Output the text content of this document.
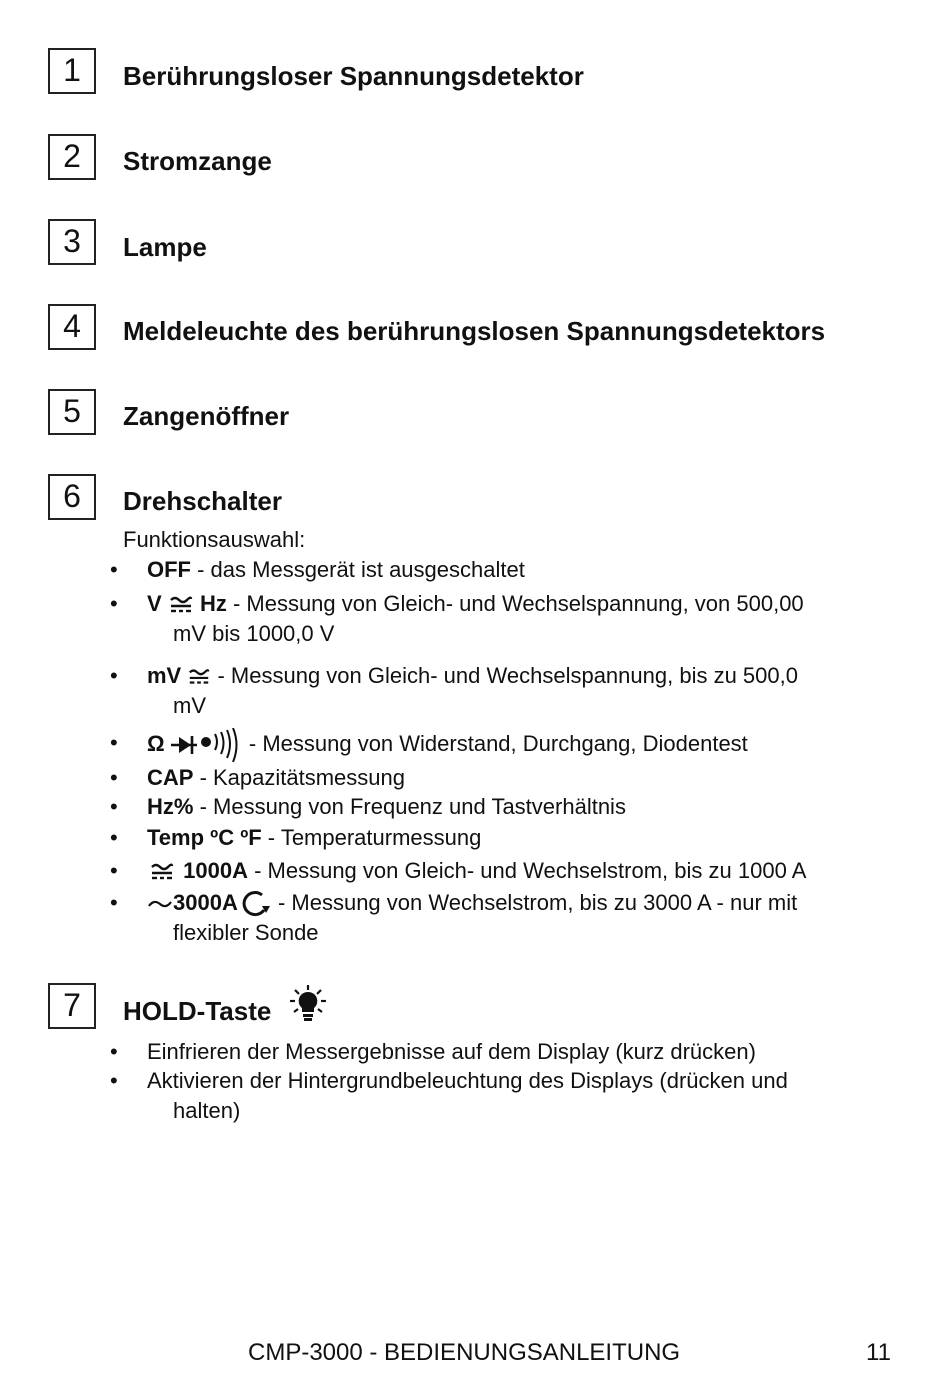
1	Berührungsloser Spannungsdetektor
2	Stromzange
3	Lampe
4	Meldeleuchte des berührungslosen Spannungsdetektors
5	Zangenöffner
6	Drehschalter
Funktionsauswahl:
•	OFF - das Messgerät ist ausgeschaltet
•	V Hz - Messung von Gleich- und Wechselspannung, von 500,00
mV bis 1000,0 V
•	mV  - Messung von Gleich- und Wechselspannung, bis zu 500,0
mV
•	Ω	- Messung von Widerstand, Durchgang, Diodentest
•	CAP - Kapazitätsmessung
•	Hz% - Messung von Frequenz und Tastverhältnis
•	Temp ºC ºF - Temperaturmessung
•	1000A - Messung von Gleich- und Wechselstrom, bis zu 1000 A
•	3000A - Messung von Wechselstrom, bis zu 3000 A - nur mit
flexibler Sonde
7	HOLD-Taste
•	Einfrieren der Messergebnisse auf dem Display (kurz drücken)
•	Aktivieren der Hintergrundbeleuchtung des Displays (drücken und
halten)
CMP-3000 - BEDIENUNGSANLEITUNG	11
